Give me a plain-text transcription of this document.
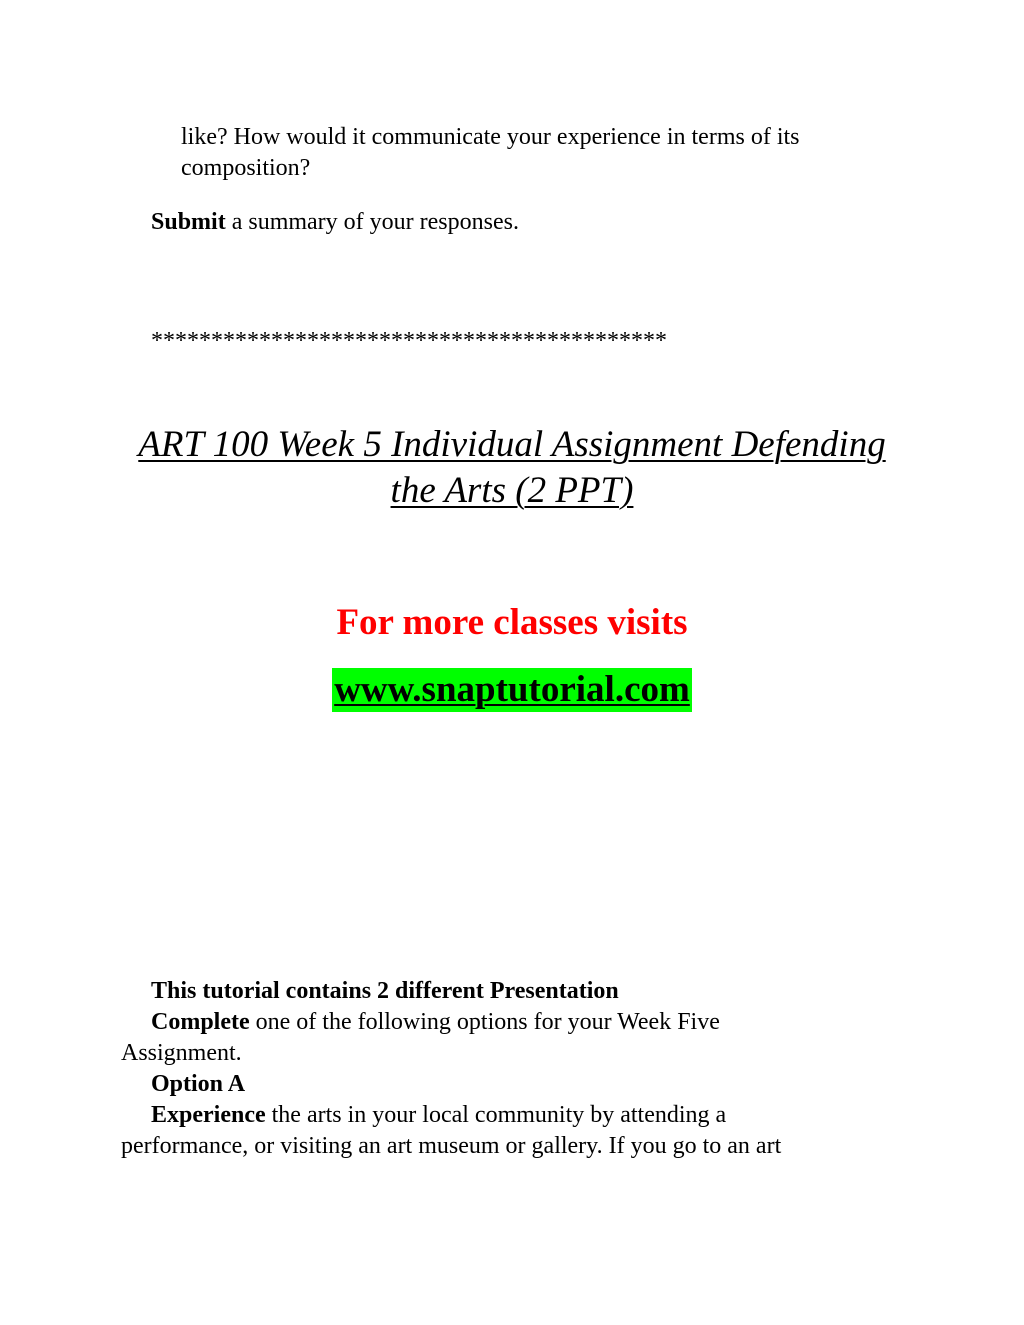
like? How would it communicate your experience in terms of its composition?

Submit a summary of your responses.

*******************************************
ART 100 Week 5 Individual Assignment Defending
the Arts (2 PPT)
For more classes visits
www.snaptutorial.com

This tutorial contains 2 different Presentation

Complete one of the following options for your Week Five Assignment.

Option A

Experience the arts in your local community by attending a performance, or visiting an art museum or gallery. If you go to an art
